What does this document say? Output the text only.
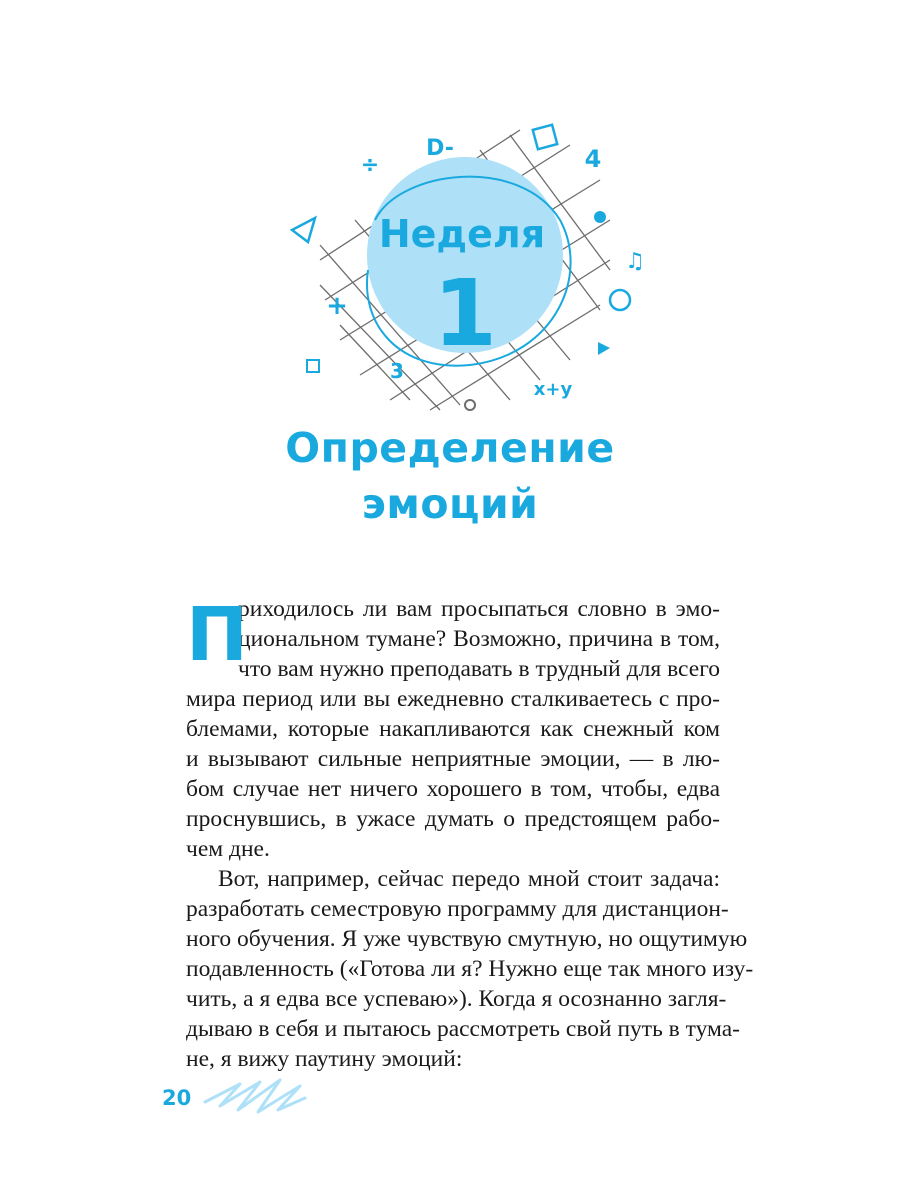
Неделя
1
÷
D-	4
+
3
x+y
♫
Определение
эмоций
П

риходилось ли вам просыпаться словно в эмо-
циональном тумане? Возможно, причина в том,
что вам нужно преподавать в трудный для всего
мира период или вы ежедневно сталкиваетесь с про-
блемами, которые накапливаются как снежный ком
и вызывают сильные неприятные эмоции, — в лю-
бом случае нет ничего хорошего в том, чтобы, едва
проснувшись, в ужасе думать о предстоящем рабо-
чем дне.

Вот, например, сейчас передо мной стоит задача:
разработать семестровую программу для дистанцион-
ного обучения. Я уже чувствую смутную, но ощутимую
подавленность («Готова ли я? Нужно еще так много изу-
чить, а я едва все успеваю»). Когда я осознанно загля-
дываю в себя и пытаюсь рассмотреть свой путь в тума-
не, я вижу паутину эмоций:

20
